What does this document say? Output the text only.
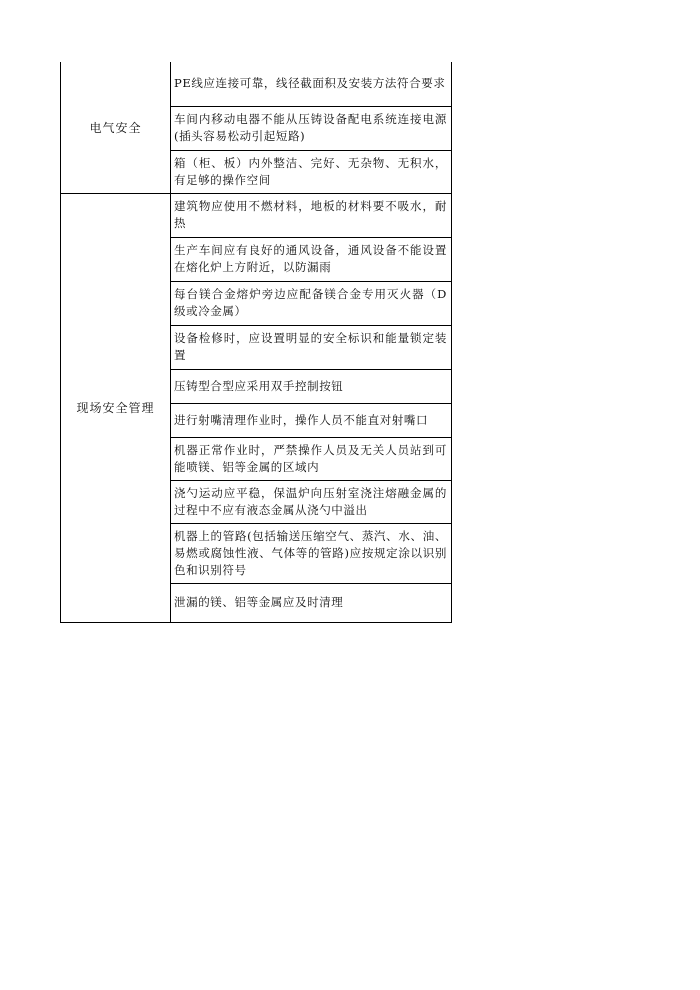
电气安全	PE线应连接可靠，线径截面积及安装方法符合要求

	车间内移动电器不能从压铸设备配电系统连接电源(插头容易松动引起短路)

	箱（柜、板）内外整洁、完好、无杂物、无积水，有足够的操作空间

现场安全管理	建筑物应使用不燃材料，地板的材料要不吸水，耐热

	生产车间应有良好的通风设备，通风设备不能设置在熔化炉上方附近，以防漏雨

	每台镁合金熔炉旁边应配备镁合金专用灭火器（D级或冷金属）

	设备检修时，应设置明显的安全标识和能量锁定装置

	压铸型合型应采用双手控制按钮

	进行射嘴清理作业时，操作人员不能直对射嘴口

	机器正常作业时，严禁操作人员及无关人员站到可能喷镁、铝等金属的区域内

	浇勺运动应平稳，保温炉向压射室浇注熔融金属的过程中不应有液态金属从浇勺中溢出

	机器上的管路(包括输送压缩空气、蒸汽、水、油、易燃或腐蚀性液、气体等的管路)应按规定涂以识别色和识别符号

	泄漏的镁、铝等金属应及时清理
